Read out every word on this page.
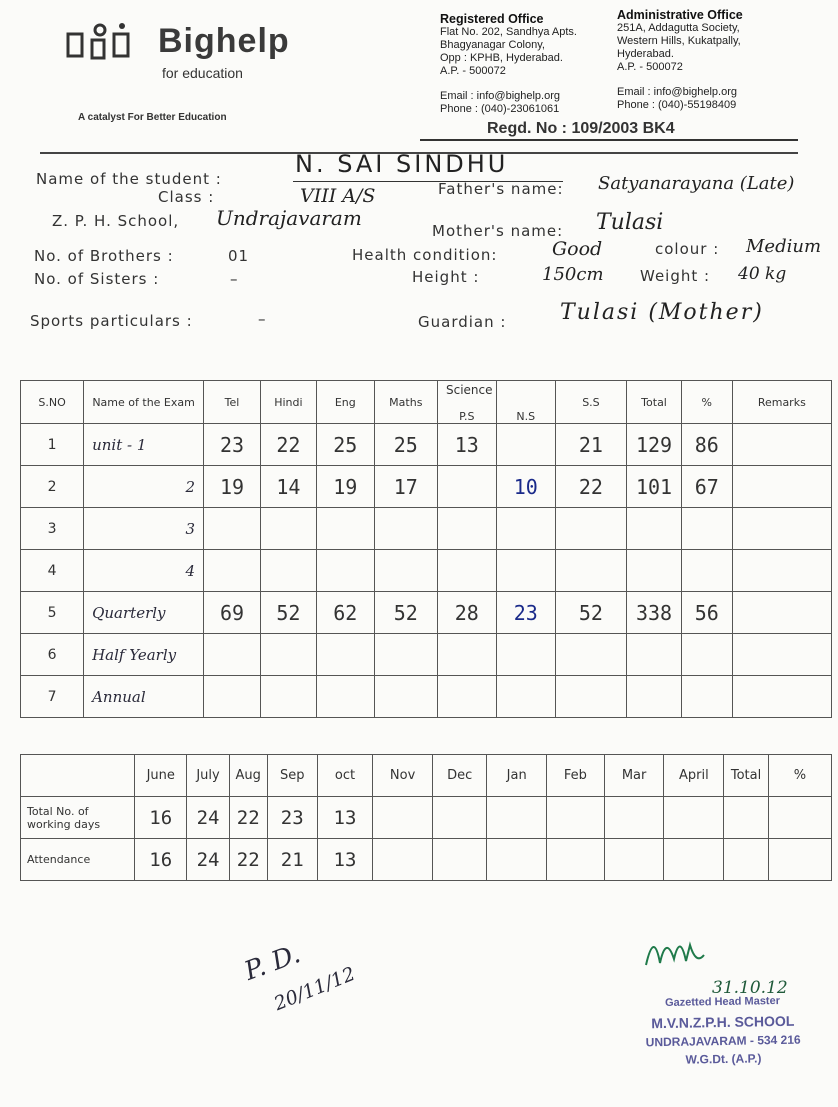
Bighelp
for education
A catalyst For Better Education
Registered Office
Flat No. 202, Sandhya Apts.
Bhagyanagar Colony,
Opp : KPHB, Hyderabad.
A.P. - 500072
Email : info@bighelp.org
Phone : (040)-23061061
Administrative Office
251A, Addagutta Society,
Western Hills, Kukatpally,
Hyderabad.
A.P. - 500072
Email : info@bighelp.org
Phone : (040)-55198409
Regd. No : 109/2003 BK4
Name of the student :
N. SAI SINDHU
Class :	VIII A/S
Z. P. H. School, Undrajavaram
Father's name: Satyanarayana (Late)
Mother's name: Tulasi
No. of Brothers :	01
No. of Sisters :	–
Health condition:	Good	colour : Medium
Height :	150cm Weight : 40 kg
Sports particulars :	–	Guardian : Tulasi (Mother)
Science
S.NO	Name of the Exam	Tel	Hindi	Eng	Maths	P.S	N.S	S.S	Total	%	Remarks
1	unit - 1	23	22	25	25	13		21	129	86	
2	2	19	14	19	17		10	22	101	67	
3	3										
4	4										
5	Quarterly	69	52	62	52	28	23	52	338	56	
6	Half Yearly										
7	Annual										
	June	July	Aug	Sep	oct	Nov	Dec	Jan	Feb	Mar	April	Total	%
Total No. of working days	16	24	22	23	13								
Attendance	16	24	22	21	13								
P. D.
20/11/12	31.10.12
Gazetted Head Master
M.V.N.Z.P.H. SCHOOL
UNDRAJAVARAM - 534 216
W.G.Dt. (A.P.)
